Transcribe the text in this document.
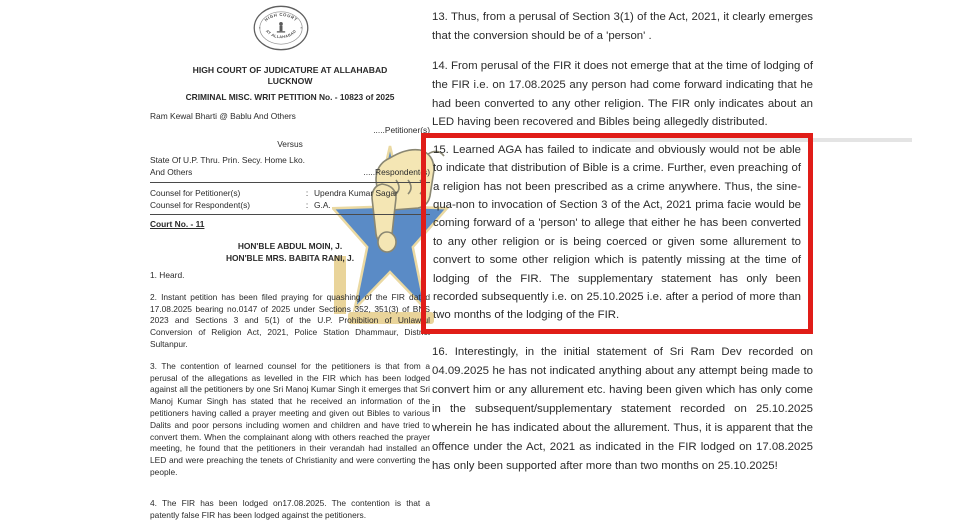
HIGH COURT
AT ALLAHABAD
*	*
HIGH COURT OF JUDICATURE AT ALLAHABAD
LUCKNOW
CRIMINAL MISC. WRIT PETITION No. - 10823 of 2025
Ram Kewal Bharti @ Bablu And Others
.....Petitioner(s)
Versus
State Of U.P. Thru. Prin. Secy. Home Lko.
And Others	.....Respondent(s)
Counsel for Petitioner(s)	: Upendra Kumar Sagar
Counsel for Respondent(s)	: G.A.
Court No. - 11
HON'BLE ABDUL MOIN, J.
HON'BLE MRS. BABITA RANI, J.

1. Heard.

2. Instant petition has been filed praying for quashing of the FIR dated 17.08.2025 bearing no.0147 of 2025 under Sections 352, 351(3) of BNS 2023 and Sections 3 and 5(1) of the U.P. Prohibition of Unlawful Conversion of Religion Act, 2021, Police Station Dhammaur, District Sultanpur.

3. The contention of learned counsel for the petitioners is that from a perusal of the allegations as levelled in the FIR which has been lodged against all the petitioners by one Sri Manoj Kumar Singh it emerges that Sri Manoj Kumar Singh has stated that he received an information of the petitioners having called a prayer meeting and given out Bibles to various Dalits and poor persons including women and children and have tried to convert them. When the complainant along with others reached the prayer meeting, he found that the petitioners in their verandah had installed an LED and were preaching the tenets of Christianity and were converting the people.

4. The FIR has been lodged on17.08.2025. The contention is that a patently false FIR has been lodged against the petitioners.

13. Thus, from a perusal of Section 3(1) of the Act, 2021, it clearly emerges that the conversion should be of a 'person' .

14. From perusal of the FIR it does not emerge that at the time of lodging of the FIR i.e. on 17.08.2025 any person had come forward indicating that he had been converted to any other religion. The FIR only indicates about an LED having been recovered and Bibles being allegedly distributed.

15. Learned AGA has failed to indicate and obviously would not be able to indicate that distribution of Bible is a crime. Further, even preaching of a religion has not been prescribed as a crime anywhere. Thus, the sine-qua-non to invocation of Section 3 of the Act, 2021 prima facie would be coming forward of a 'person' to allege that either he has been converted to any other religion or is being coerced or given some allurement to convert to some other religion which is patently missing at the time of lodging of the FIR. The supplementary statement has only been recorded subsequently i.e. on 25.10.2025 i.e. after a period of more than two months of the lodging of the FIR.

16. Interestingly, in the initial statement of Sri Ram Dev recorded on 04.09.2025 he has not indicated anything about any attempt being made to convert him or any allurement etc. having been given which has only come in the subsequent/supplementary statement recorded on 25.10.2025 wherein he has indicated about the allurement. Thus, it is apparent that the offence under the Act, 2021 as indicated in the FIR lodged on 17.08.2025 has only been supported after more than two months on 25.10.2025!
